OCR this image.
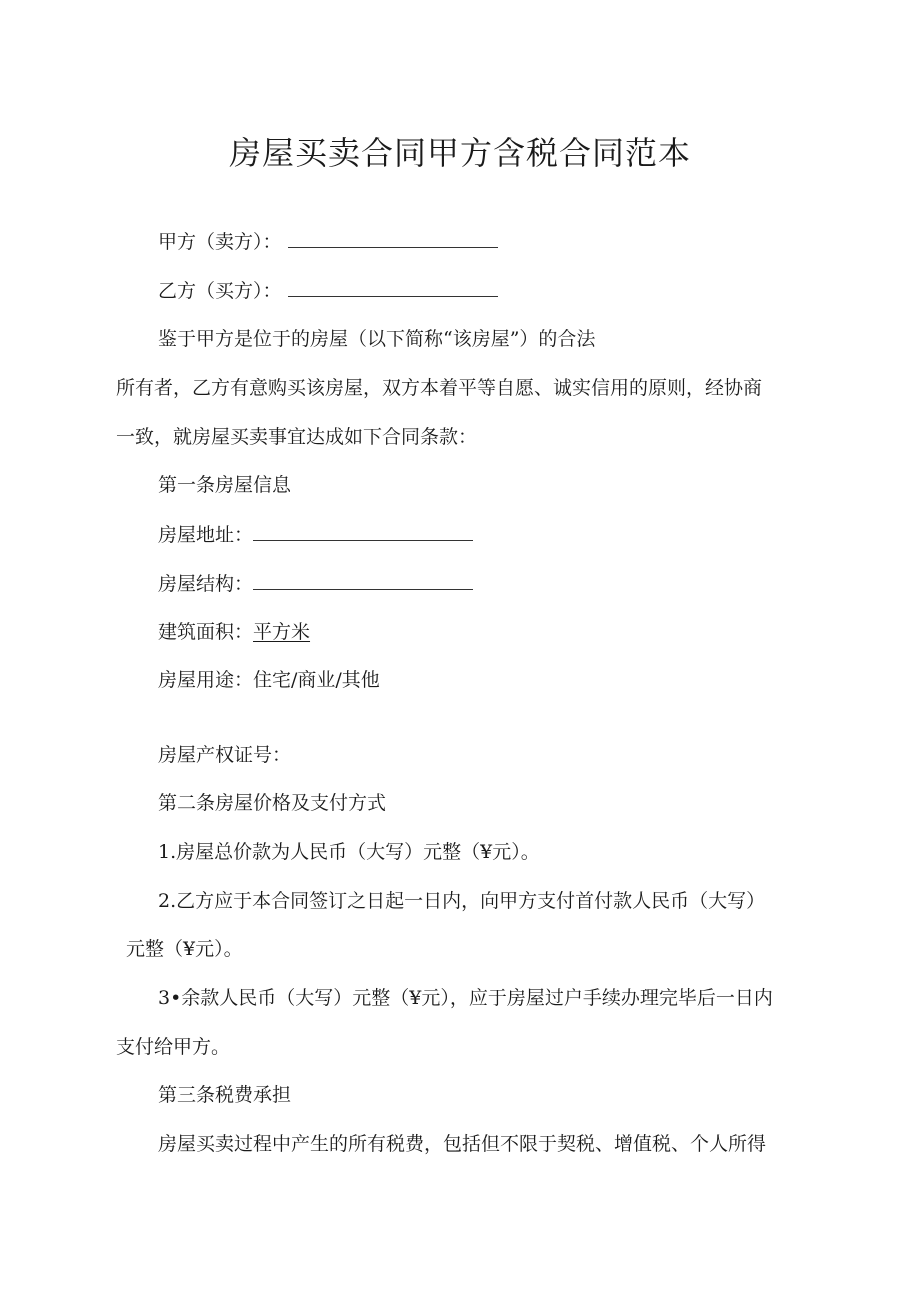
房屋买卖合同甲方含税合同范本
甲方（卖方）：
乙方（买方）：
鉴于甲方是位于的房屋（以下简称“该房屋”）的合法
所有者，乙方有意购买该房屋，双方本着平等自愿、诚实信用的原则，经协商
一致，就房屋买卖事宜达成如下合同条款：
第一条房屋信息
房屋地址：
房屋结构：
建筑面积：平方米
房屋用途：住宅/商业/其他
房屋产权证号：
第二条房屋价格及支付方式
1.房屋总价款为人民币（大写）元整（¥元）。
2.乙方应于本合同签订之日起一日内，向甲方支付首付款人民币（大写）
元整（¥元）。
3•余款人民币（大写）元整（¥元），应于房屋过户手续办理完毕后一日内
支付给甲方。
第三条税费承担
房屋买卖过程中产生的所有税费，包括但不限于契税、增值税、个人所得
